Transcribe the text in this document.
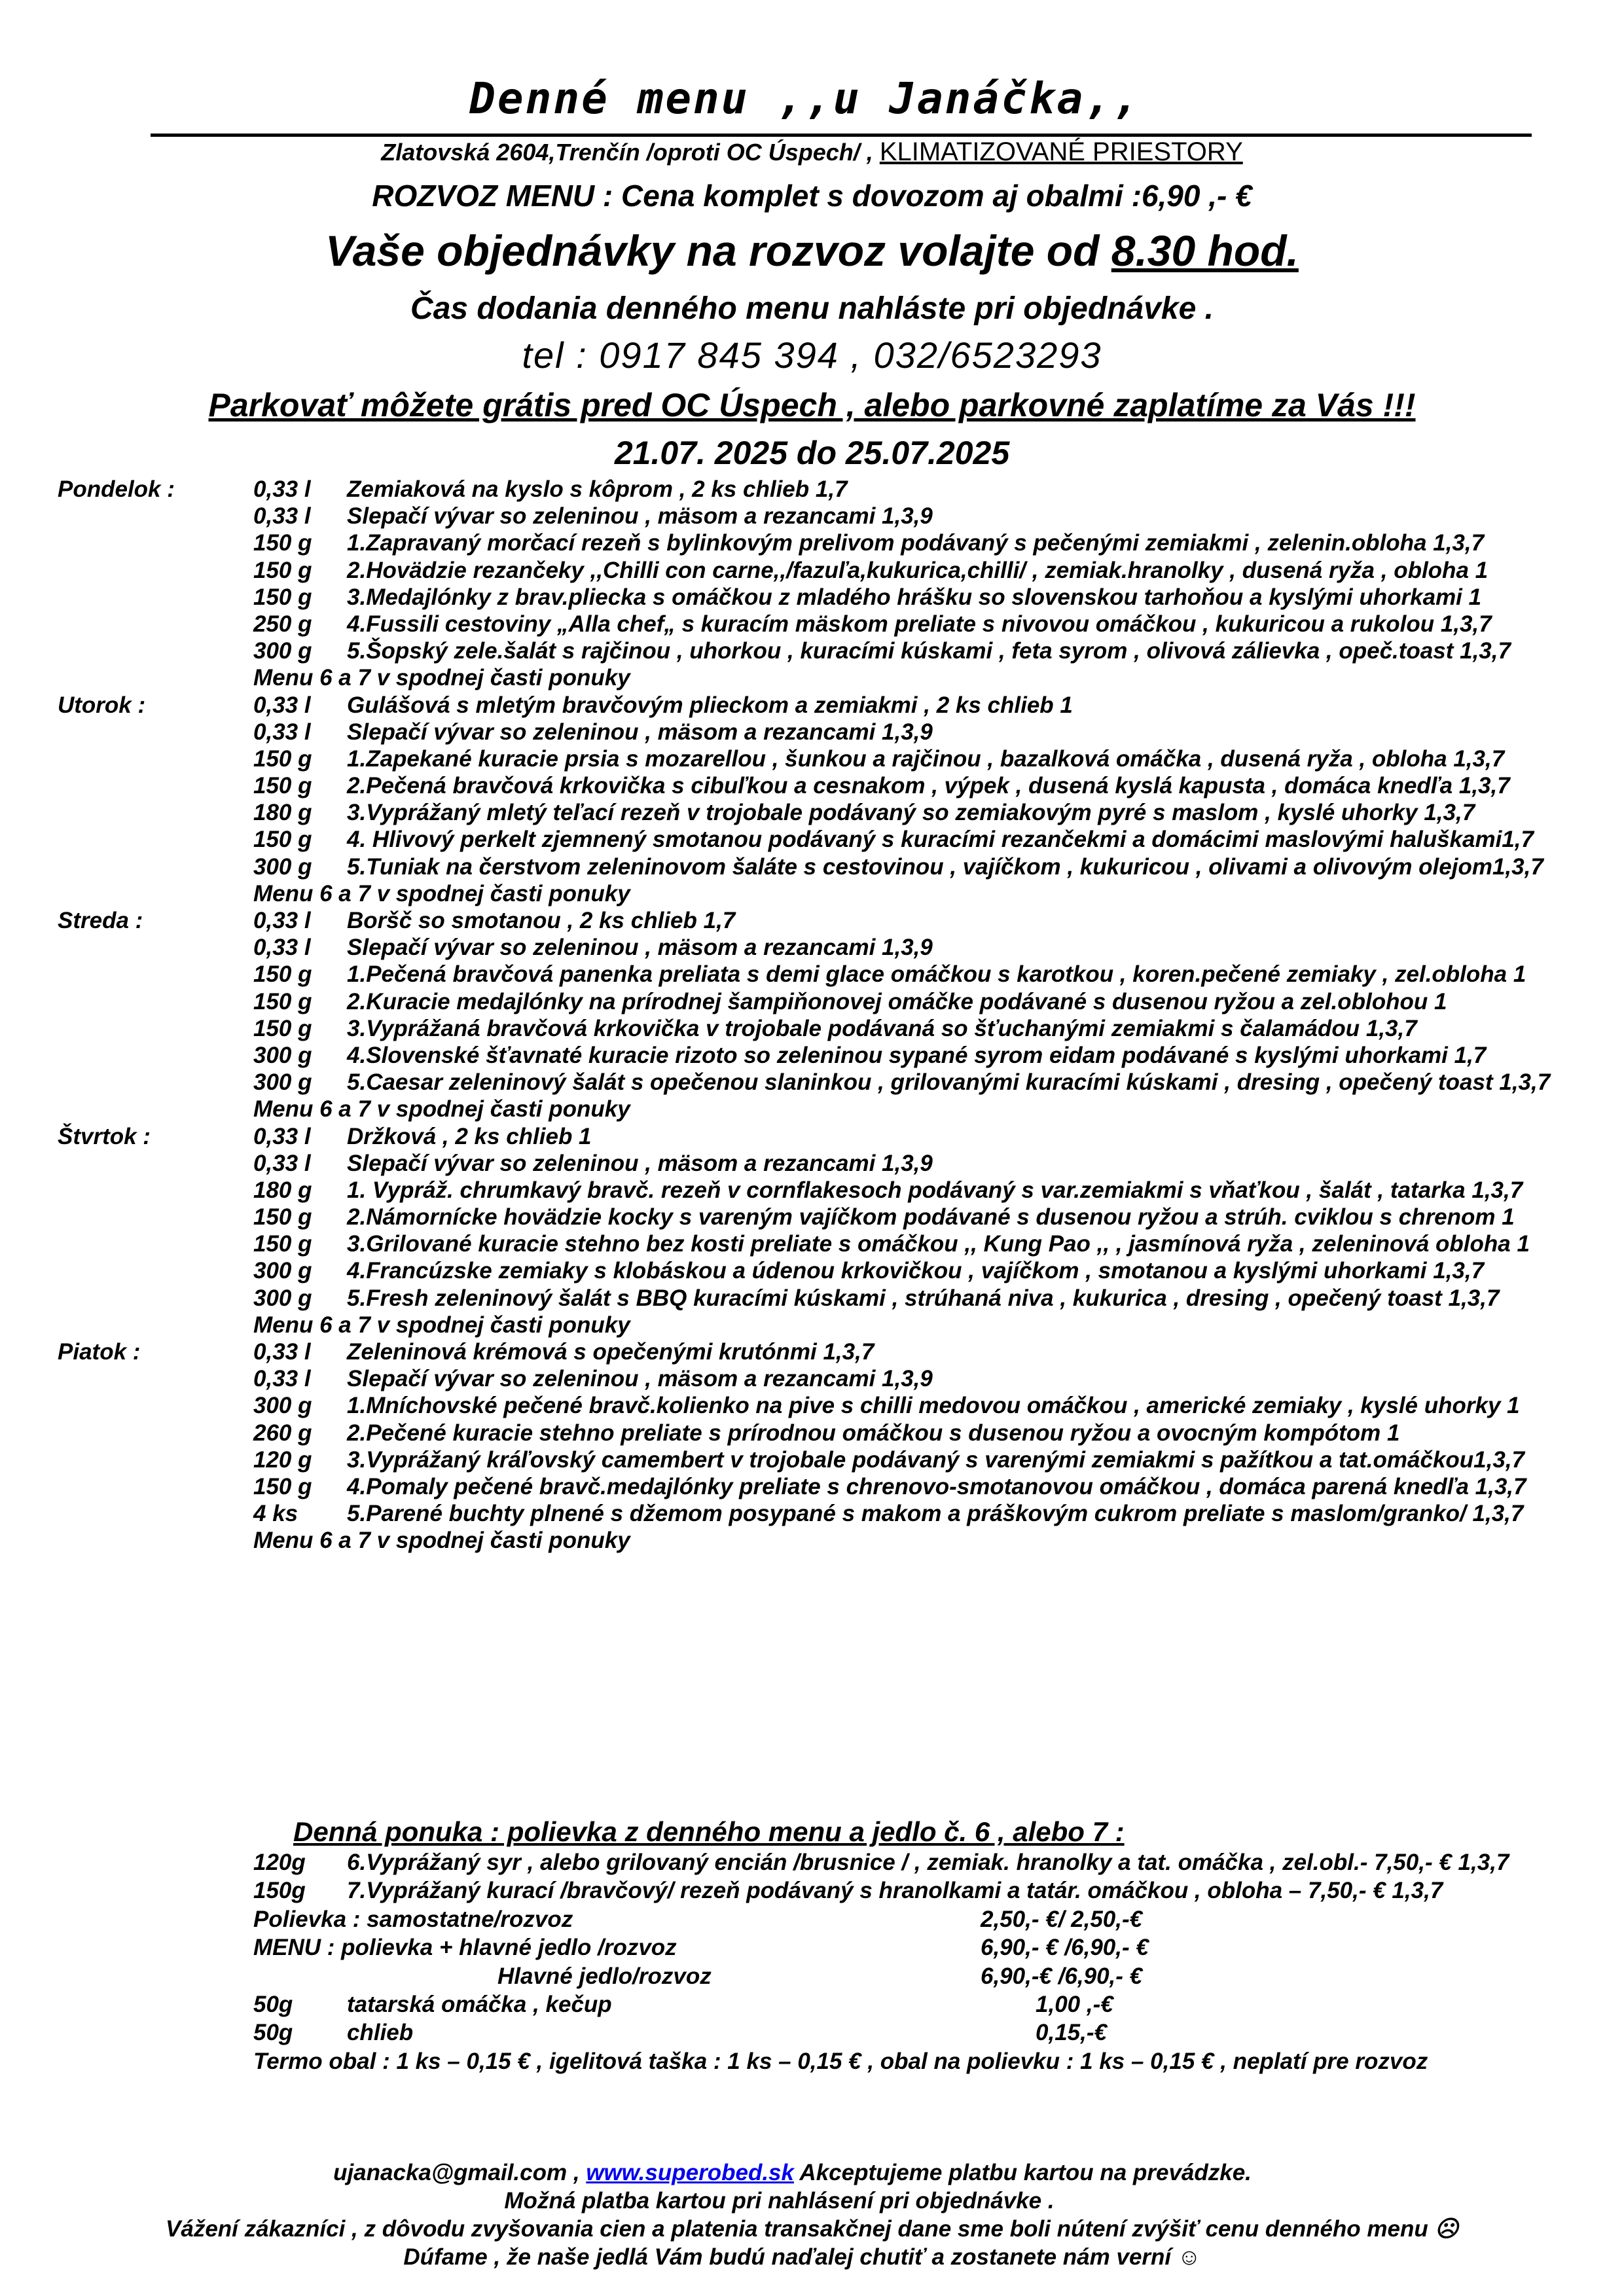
Denné menu ,,u Janáčka,,
Zlatovská 2604,Trenčín /oproti OC Úspech/ , KLIMATIZOVANÉ PRIESTORY
ROZVOZ MENU : Cena komplet s dovozom aj obalmi :6,90 ,- €
Vaše objednávky na rozvoz volajte od 8.30 hod.
Čas dodania denného menu nahláste pri objednávke .
tel : 0917 845 394 , 032/6523293
Parkovať môžete grátis pred OC Úspech , alebo parkovné zaplatíme za Vás !!!
21.07. 2025 do 25.07.2025
Pondelok :	0,33 l Zemiaková na kyslo s kôprom , 2 ks chlieb 1,7
0,33 l Slepačí vývar so zeleninou , mäsom a rezancami 1,3,9
150 g 1.Zapravaný morčací rezeň s bylinkovým prelivom podávaný s pečenými zemiakmi , zelenin.obloha 1,3,7
150 g 2.Hovädzie rezančeky ,,Chilli con carne,,/fazuľa,kukurica,chilli/ , zemiak.hranolky , dusená ryža , obloha 1
150 g 3.Medajlónky z brav.pliecka s omáčkou z mladého hrášku so slovenskou tarhoňou a kyslými uhorkami 1
250 g 4.Fussili cestoviny „Alla chef„ s kuracím mäskom preliate s nivovou omáčkou , kukuricou a rukolou 1,3,7
300 g 5.Šopský zele.šalát s rajčinou , uhorkou , kuracími kúskami , feta syrom , olivová zálievka , opeč.toast 1,3,7
Menu 6 a 7 v spodnej časti ponuky
Utorok :	0,33 l Gulášová s mletým bravčovým plieckom a zemiakmi , 2 ks chlieb 1
0,33 l Slepačí vývar so zeleninou , mäsom a rezancami 1,3,9
150 g 1.Zapekané kuracie prsia s mozarellou , šunkou a rajčinou , bazalková omáčka , dusená ryža , obloha 1,3,7
150 g 2.Pečená bravčová krkovička s cibuľkou a cesnakom , výpek , dusená kyslá kapusta , domáca knedľa 1,3,7
180 g 3.Vyprážaný mletý teľací rezeň v trojobale podávaný so zemiakovým pyré s maslom , kyslé uhorky 1,3,7
150 g 4. Hlivový perkelt zjemnený smotanou podávaný s kuracími rezančekmi a domácimi maslovými haluškami1,7
300 g 5.Tuniak na čerstvom zeleninovom šaláte s cestovinou , vajíčkom , kukuricou , olivami a olivovým olejom1,3,7
Menu 6 a 7 v spodnej časti ponuky
Streda :	0,33 l Boršč so smotanou , 2 ks chlieb 1,7
0,33 l Slepačí vývar so zeleninou , mäsom a rezancami 1,3,9
150 g 1.Pečená bravčová panenka preliata s demi glace omáčkou s karotkou , koren.pečené zemiaky , zel.obloha 1
150 g 2.Kuracie medajlónky na prírodnej šampiňonovej omáčke podávané s dusenou ryžou a zel.oblohou 1
150 g 3.Vyprážaná bravčová krkovička v trojobale podávaná so šťuchanými zemiakmi s čalamádou 1,3,7
300 g 4.Slovenské šťavnaté kuracie rizoto so zeleninou sypané syrom eidam podávané s kyslými uhorkami 1,7
300 g 5.Caesar zeleninový šalát s opečenou slaninkou , grilovanými kuracími kúskami , dresing , opečený toast 1,3,7
Menu 6 a 7 v spodnej časti ponuky
Štvrtok :	0,33 l Držková , 2 ks chlieb 1
0,33 l Slepačí vývar so zeleninou , mäsom a rezancami 1,3,9
180 g 1. Vypráž. chrumkavý bravč. rezeň v cornflakesoch podávaný s var.zemiakmi s vňaťkou , šalát , tatarka 1,3,7
150 g 2.Námornícke hovädzie kocky s vareným vajíčkom podávané s dusenou ryžou a strúh. cviklou s chrenom 1
150 g 3.Grilované kuracie stehno bez kosti preliate s omáčkou ,, Kung Pao ,, , jasmínová ryža , zeleninová obloha 1
300 g 4.Francúzske zemiaky s klobáskou a údenou krkovičkou , vajíčkom , smotanou a kyslými uhorkami 1,3,7
300 g 5.Fresh zeleninový šalát s BBQ kuracími kúskami , strúhaná niva , kukurica , dresing , opečený toast 1,3,7
Menu 6 a 7 v spodnej časti ponuky
Piatok :	0,33 l Zeleninová krémová s opečenými krutónmi 1,3,7
0,33 l Slepačí vývar so zeleninou , mäsom a rezancami 1,3,9
300 g 1.Mníchovské pečené bravč.kolienko na pive s chilli medovou omáčkou , americké zemiaky , kyslé uhorky 1
260 g 2.Pečené kuracie stehno preliate s prírodnou omáčkou s dusenou ryžou a ovocným kompótom 1
120 g 3.Vyprážaný kráľovský camembert v trojobale podávaný s varenými zemiakmi s pažítkou a tat.omáčkou1,3,7
150 g 4.Pomaly pečené bravč.medajlónky preliate s chrenovo-smotanovou omáčkou , domáca parená knedľa 1,3,7
4 ks 5.Parené buchty plnené s džemom posypané s makom a práškovým cukrom preliate s maslom/granko/ 1,3,7
Menu 6 a 7 v spodnej časti ponuky
Denná ponuka : polievka z denného menu a jedlo č. 6 , alebo 7 :
120g 6.Vyprážaný syr , alebo grilovaný encián /brusnice / , zemiak. hranolky a tat. omáčka , zel.obl.- 7,50,- € 1,3,7
150g 7.Vyprážaný kurací /bravčový/ rezeň podávaný s hranolkami a tatár. omáčkou , obloha – 7,50,- € 1,3,7
Polievka : samostatne/rozvoz	2,50,- €/ 2,50,-€
MENU : polievka + hlavné jedlo /rozvoz	6,90,- € /6,90,- €
Hlavné jedlo/rozvoz	6,90,-€ /6,90,- €
50g tatarská omáčka , kečup	1,00 ,-€
50g chlieb	0,15,-€
Termo obal : 1 ks – 0,15 € , igelitová taška : 1 ks – 0,15 € , obal na polievku : 1 ks – 0,15 € , neplatí pre rozvoz
ujanacka@gmail.com , www.superobed.sk Akceptujeme platbu kartou na prevádzke.
Možná platba kartou pri nahlásení pri objednávke .
Vážení zákazníci , z dôvodu zvyšovania cien a platenia transakčnej dane sme boli nútení zvýšiť cenu denného menu ☹
Dúfame , že naše jedlá Vám budú naďalej chutiť a zostanete nám verní ☺
